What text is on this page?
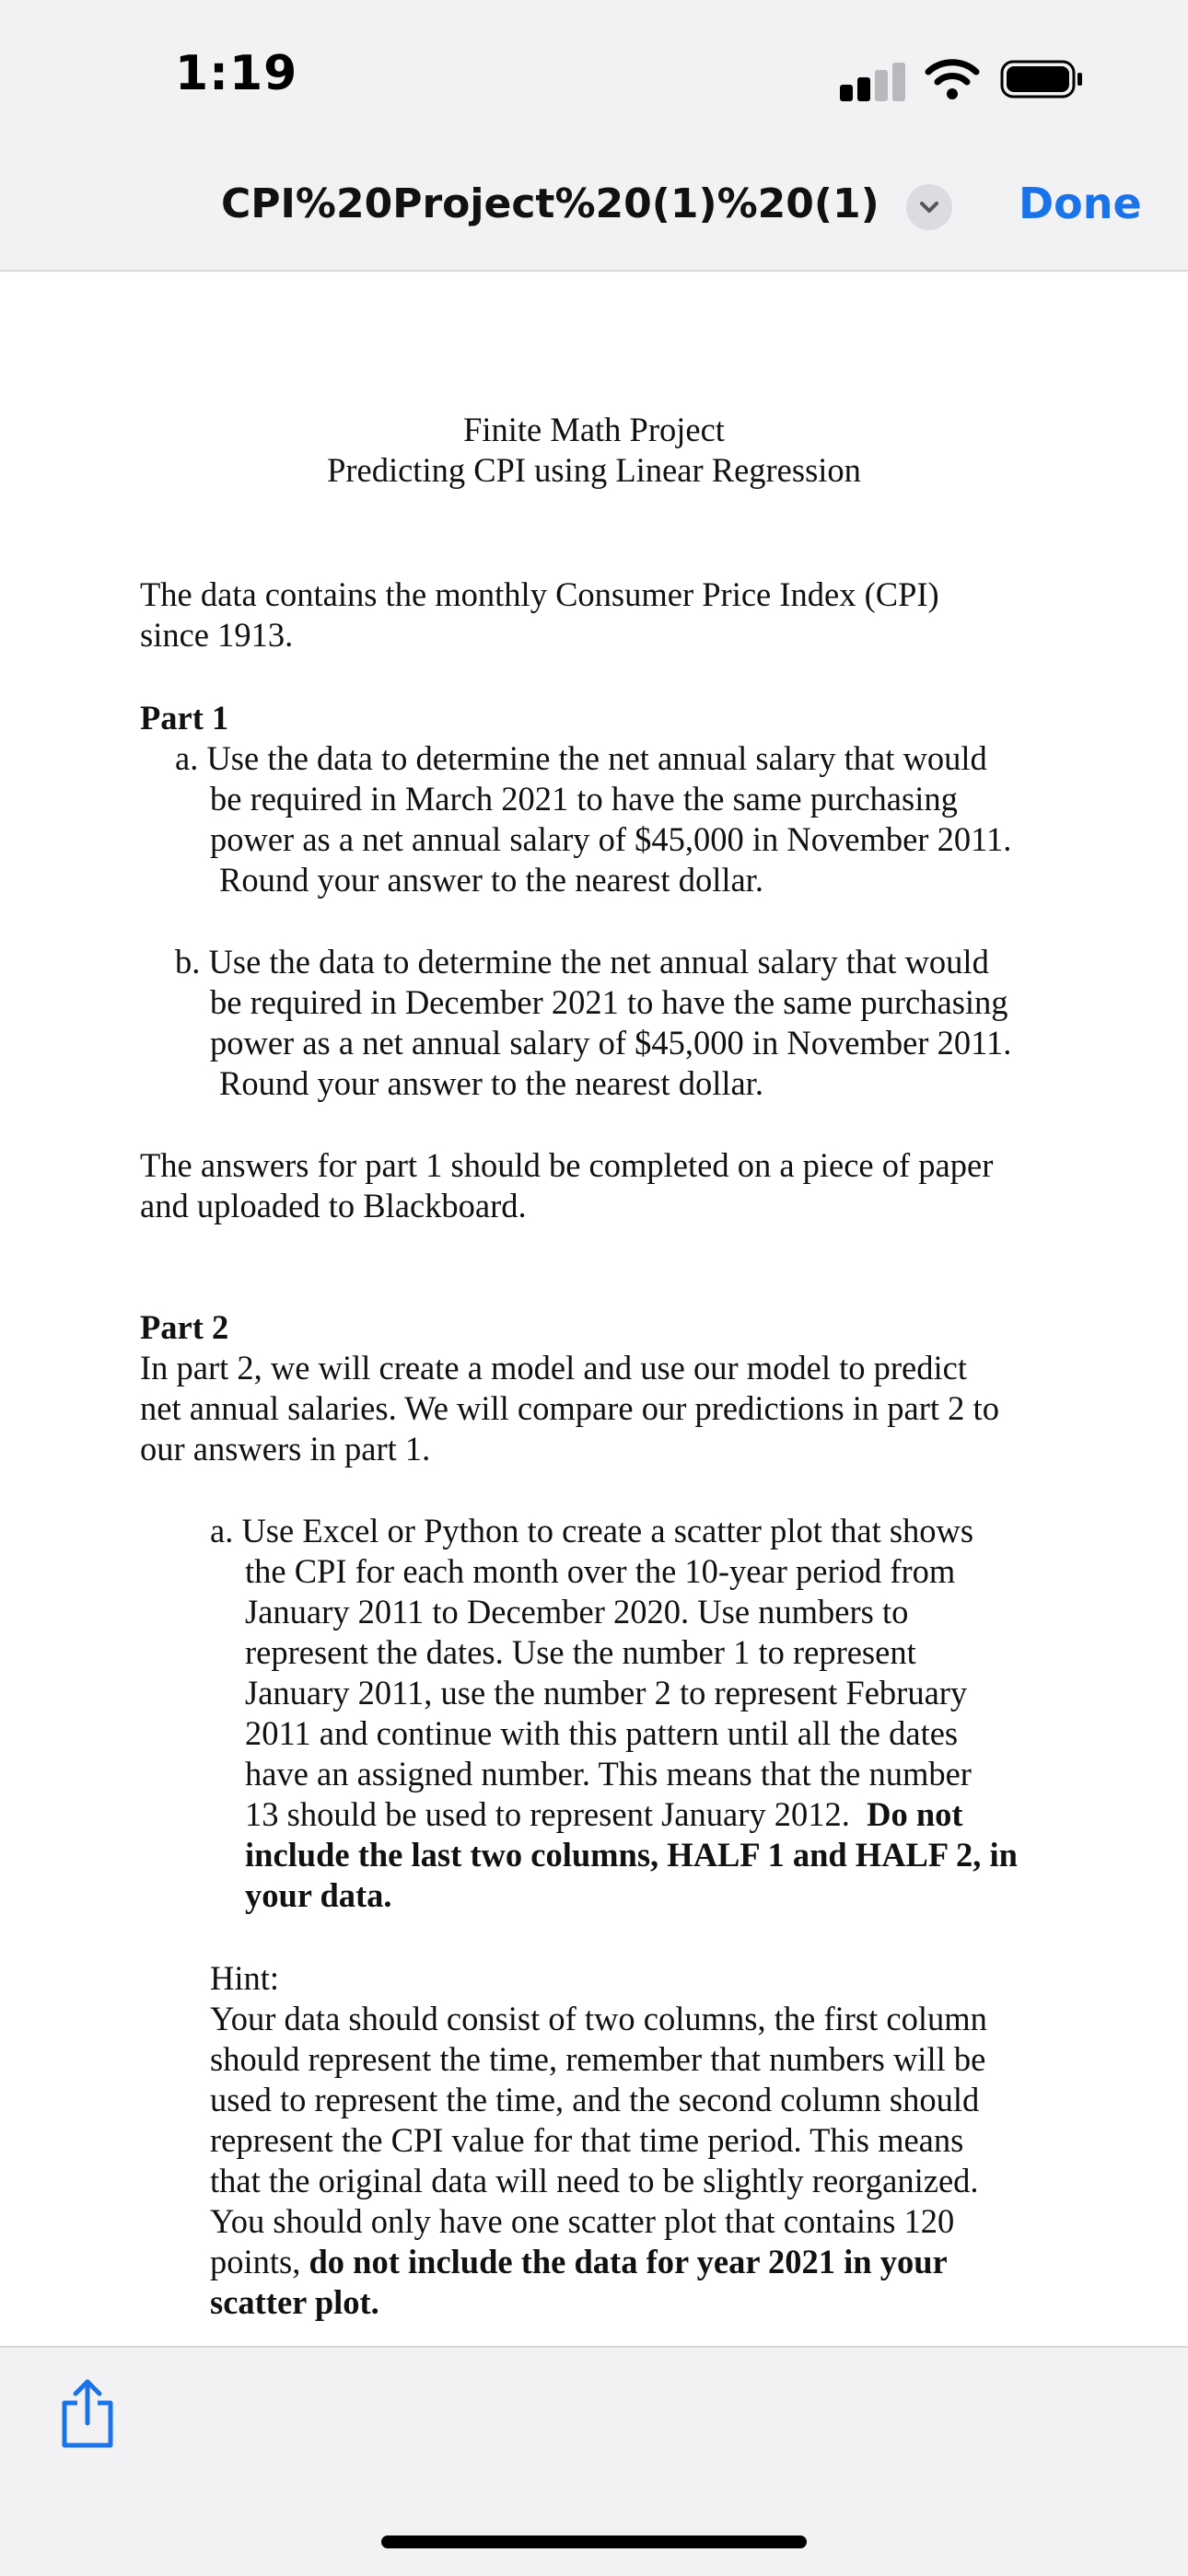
1:19
CPI%20Project%20(1)%20(1)	Done

Finite Math Project

Predicting CPI using Linear Regression

The data contains the monthly Consumer Price Index (CPI)

since 1913.

Part 1

a. Use the data to determine the net annual salary that would

be required in March 2021 to have the same purchasing

power as a net annual salary of $45,000 in November 2011.

Round your answer to the nearest dollar.

b. Use the data to determine the net annual salary that would

be required in December 2021 to have the same purchasing

power as a net annual salary of $45,000 in November 2011.

Round your answer to the nearest dollar.

The answers for part 1 should be completed on a piece of paper

and uploaded to Blackboard.

Part 2

In part 2, we will create a model and use our model to predict

net annual salaries. We will compare our predictions in part 2 to

our answers in part 1.

a. Use Excel or Python to create a scatter plot that shows

the CPI for each month over the 10-year period from

January 2011 to December 2020. Use numbers to

represent the dates. Use the number 1 to represent

January 2011, use the number 2 to represent February

2011 and continue with this pattern until all the dates

have an assigned number. This means that the number

13 should be used to represent January 2012. Do not

include the last two columns, HALF 1 and HALF 2, in

your data.

Hint:

Your data should consist of two columns, the first column

should represent the time, remember that numbers will be

used to represent the time, and the second column should

represent the CPI value for that time period. This means

that the original data will need to be slightly reorganized.

You should only have one scatter plot that contains 120

points, do not include the data for year 2021 in your

scatter plot.
